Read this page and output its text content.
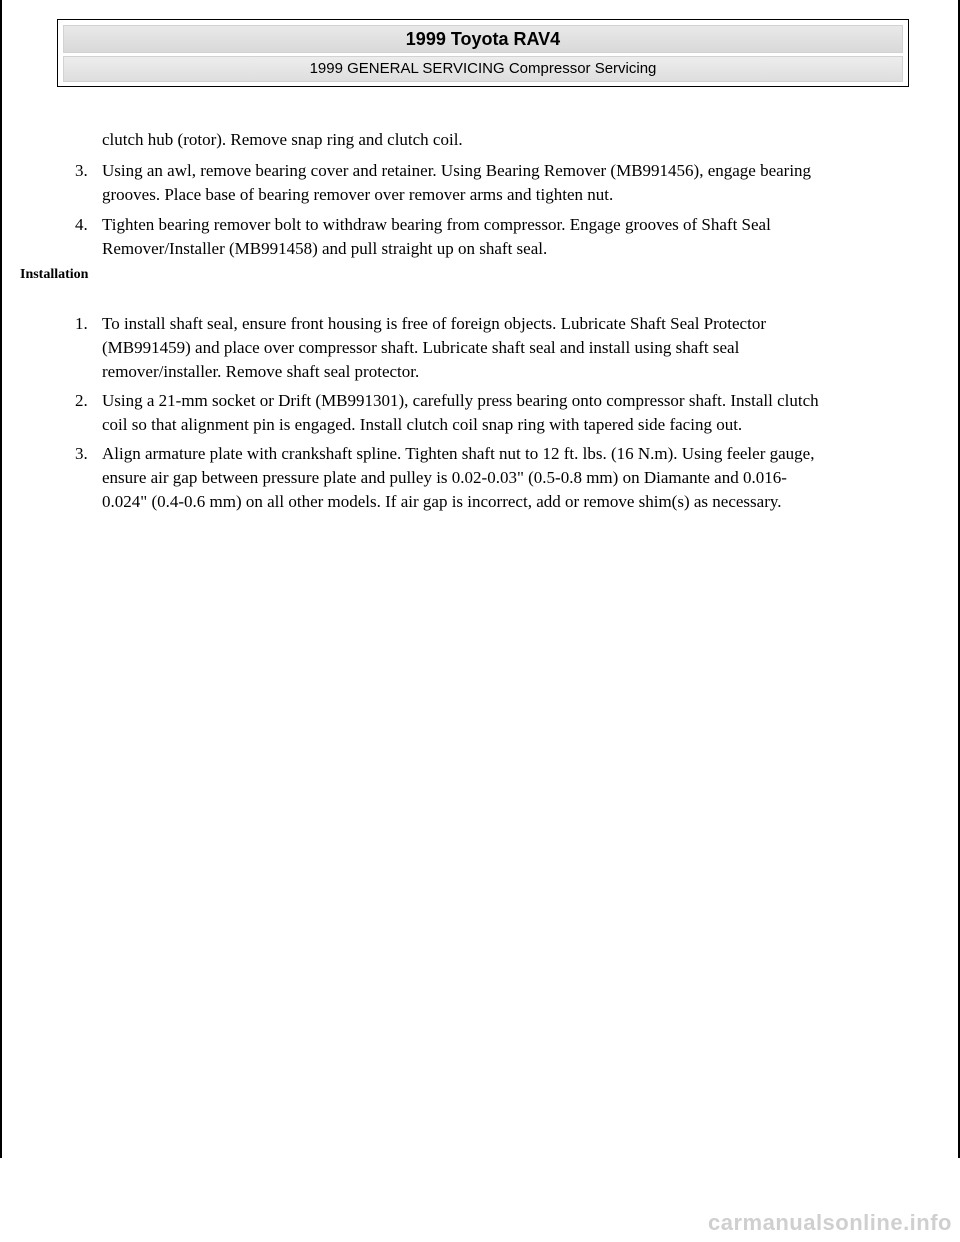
1999 Toyota RAV4
1999 GENERAL SERVICING Compressor Servicing
clutch hub (rotor). Remove snap ring and clutch coil.
3. Using an awl, remove bearing cover and retainer. Using Bearing Remover (MB991456), engage bearing
grooves. Place base of bearing remover over remover arms and tighten nut.
4. Tighten bearing remover bolt to withdraw bearing from compressor. Engage grooves of Shaft Seal
Remover/Installer (MB991458) and pull straight up on shaft seal.
Installation
1. To install shaft seal, ensure front housing is free of foreign objects. Lubricate Shaft Seal Protector
(MB991459) and place over compressor shaft. Lubricate shaft seal and install using shaft seal
remover/installer. Remove shaft seal protector.
2. Using a 21-mm socket or Drift (MB991301), carefully press bearing onto compressor shaft. Install clutch
coil so that alignment pin is engaged. Install clutch coil snap ring with tapered side facing out.
3. Align armature plate with crankshaft spline. Tighten shaft nut to 12 ft. lbs. (16 N.m). Using feeler gauge,
ensure air gap between pressure plate and pulley is 0.02-0.03" (0.5-0.8 mm) on Diamante and 0.016-
0.024" (0.4-0.6 mm) on all other models. If air gap is incorrect, add or remove shim(s) as necessary.
carmanualsonline.info
